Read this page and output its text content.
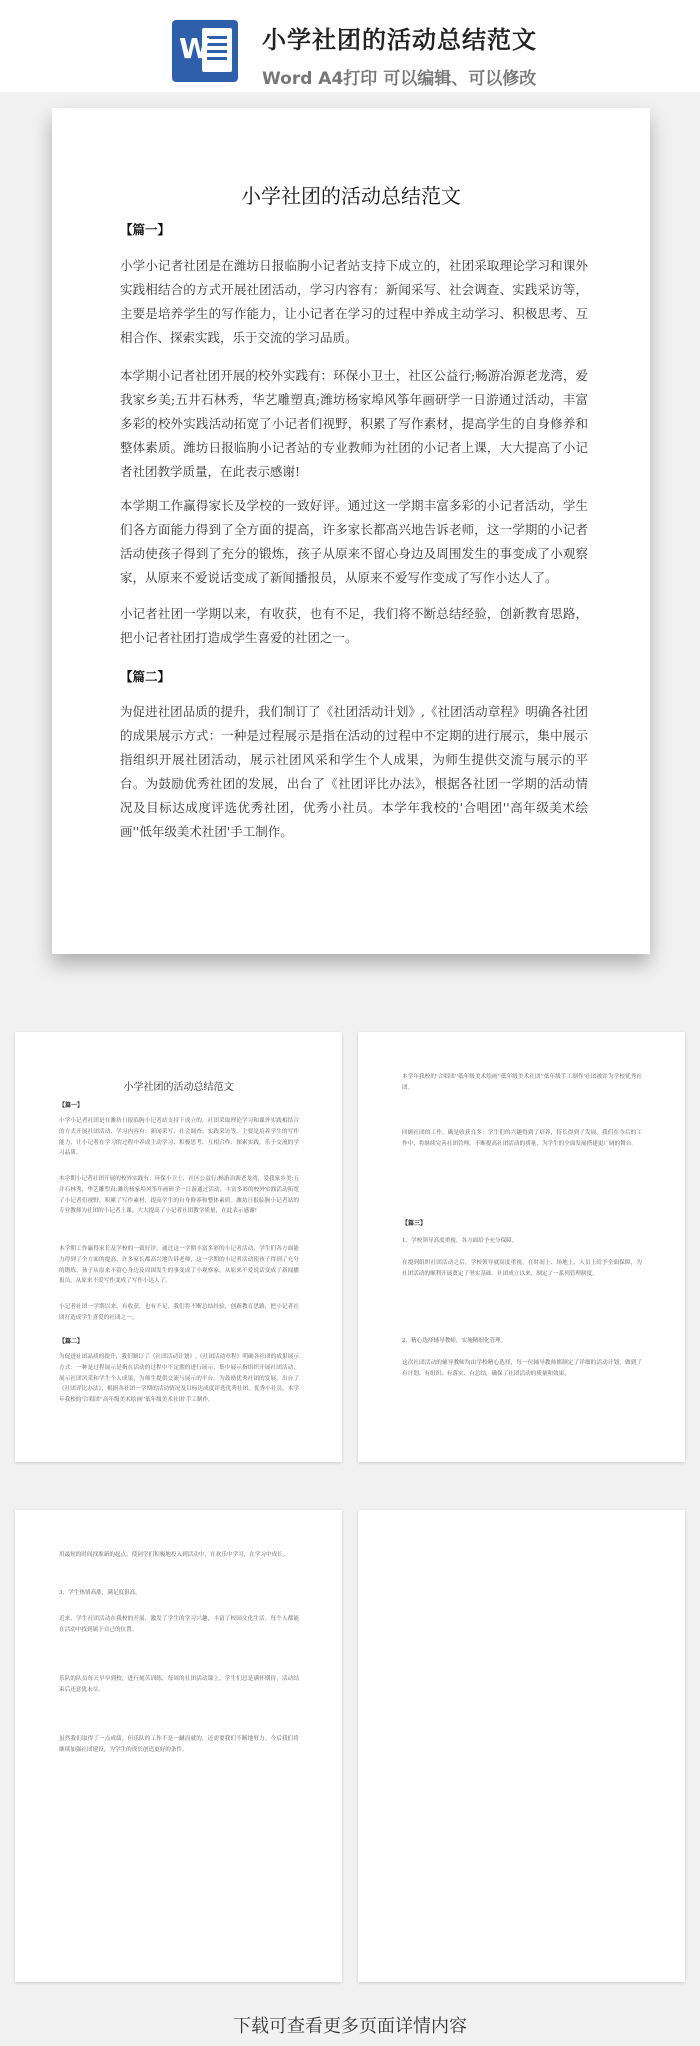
W 小学社团的活动总结范文
Word A4打印 可以编辑、可以修改
小学社团的活动总结范文
【篇一】

小学小记者社团是在潍坊日报临朐小记者站支持下成立的，社团采取理论学习和课外实践相结合的方式开展社团活动，学习内容有：新闻采写、社会调查、实践采访等，主要是培养学生的写作能力，让小记者在学习的过程中养成主动学习、积极思考、互相合作、探索实践，乐于交流的学习品质。

本学期小记者社团开展的校外实践有：环保小卫士，社区公益行;畅游冶源老龙湾，爱我家乡美;五井石林秀，华艺雕塑真;潍坊杨家埠风筝年画研学一日游通过活动，丰富多彩的校外实践活动拓宽了小记者们视野，积累了写作素材，提高学生的自身修养和整体素质。潍坊日报临朐小记者站的专业教师为社团的小记者上课，大大提高了小记者社团教学质量，在此表示感谢!

本学期工作赢得家长及学校的一致好评。通过这一学期丰富多彩的小记者活动，学生们各方面能力得到了全方面的提高，许多家长都高兴地告诉老师，这一学期的小记者活动使孩子得到了充分的锻炼，孩子从原来不留心身边及周围发生的事变成了小观察家，从原来不爱说话变成了新闻播报员，从原来不爱写作变成了写作小达人了。

小记者社团一学期以来，有收获，也有不足，我们将不断总结经验，创新教育思路，把小记者社团打造成学生喜爱的社团之一。

【篇二】

为促进社团品质的提升，我们制订了《社团活动计划》,《社团活动章程》明确各社团的成果展示方式：一种是过程展示是指在活动的过程中不定期的进行展示，集中展示指组织开展社团活动，展示社团风采和学生个人成果，为师生提供交流与展示的平台。为鼓励优秀社团的发展，出台了《社团评比办法》，根据各社团一学期的活动情况及目标达成度评选优秀社团，优秀小社员。本学年我校的'合唱团''高年级美术绘画''低年级美术社团'手工制作。

小学社团的活动总结范文
【篇一】

小学小记者社团是在潍坊日报临朐小记者站支持下成立的，社团采取理论学习和课外实践相结合的方式开展社团活动，学习内容有：新闻采写、社会调查、实践采访等，主要是培养学生的写作能力，让小记者在学习的过程中养成主动学习、积极思考、互相合作、探索实践，乐于交流的学习品质。

本学期小记者社团开展的校外实践有：环保小卫士，社区公益行;畅游冶源老龙湾，爱我家乡美;五井石林秀，华艺雕塑真;潍坊杨家埠风筝年画研学一日游通过活动，丰富多彩的校外实践活动拓宽了小记者们视野，积累了写作素材，提高学生的自身修养和整体素质。潍坊日报临朐小记者站的专业教师为社团的小记者上课，大大提高了小记者社团教学质量，在此表示感谢!

本学期工作赢得家长及学校的一致好评。通过这一学期丰富多彩的小记者活动，学生们各方面能力得到了全方面的提高，许多家长都高兴地告诉老师，这一学期的小记者活动使孩子得到了充分的锻炼，孩子从原来不留心身边及周围发生的事变成了小观察家，从原来不爱说话变成了新闻播报员，从原来不爱写作变成了写作小达人了。

小记者社团一学期以来，有收获，也有不足，我们将不断总结经验，创新教育思路，把小记者社团打造成学生喜爱的社团之一。

【篇二】

为促进社团品质的提升，我们制订了《社团活动计划》,《社团活动章程》明确各社团的成果展示方式：一种是过程展示是指在活动的过程中不定期的进行展示，集中展示指组织开展社团活动，展示社团风采和学生个人成果，为师生提供交流与展示的平台。为鼓励优秀社团的发展，出台了《社团评比办法》，根据各社团一学期的活动情况及目标达成度评选优秀社团，优秀小社员。本学年我校的'合唱团''高年级美术绘画''低年级美术社团'手工制作。

本学年我校的'合唱团''低年级美术绘画''低年级美术社团''低年级手工制作'社团被评为学校优秀社团。

回顾社团的工作，确是收获良多：学生们的兴趣得到了培养，特长得到了发展。我们在今后的工作中，将继续完善社团管理，不断提高社团活动的质量，为学生的全面发展搭建更广阔的舞台。

【篇三】

1、学校领导高度重视，各方面给予充分保障。

在提到组织社团活动之后，学校领导就高度重视，在时间上、场地上、人员上给予全面保障，为社团活动的顺利开展奠定了坚实基础。社团成立以来，制定了一系列管理制度。

2、精心选择辅导教师，实施精细化管理。

这次社团活动的辅导教师均由学校精心选择，每一位辅导教师都制定了详细的活动计划，做到了有计划、有组织、有落实、有总结，确保了社团活动的质量和效果。

用最短的时间找准新的起点，使同学们积极地投入到活动中，在欢乐中学习，在学习中成长。

3、学生热情高涨，满足度很高。

近来，学生社团活动在我校的开展，激发了学生的学习兴趣，丰富了校园文化生活。每个人都能在活动中找到属于自己的位置。

乐队的队员每天早早到校，进行刻苦训练，每周的社团活动课上，学生们总是满怀期待，活动结束后还意犹未尽。

虽然我们取得了一点成绩，但乐队的工作不是一蹴而就的，还需要我们不断地努力。今后我们将继续加强社团建设，为学生的成长创造更好的条件。

下载可查看更多页面详情内容
